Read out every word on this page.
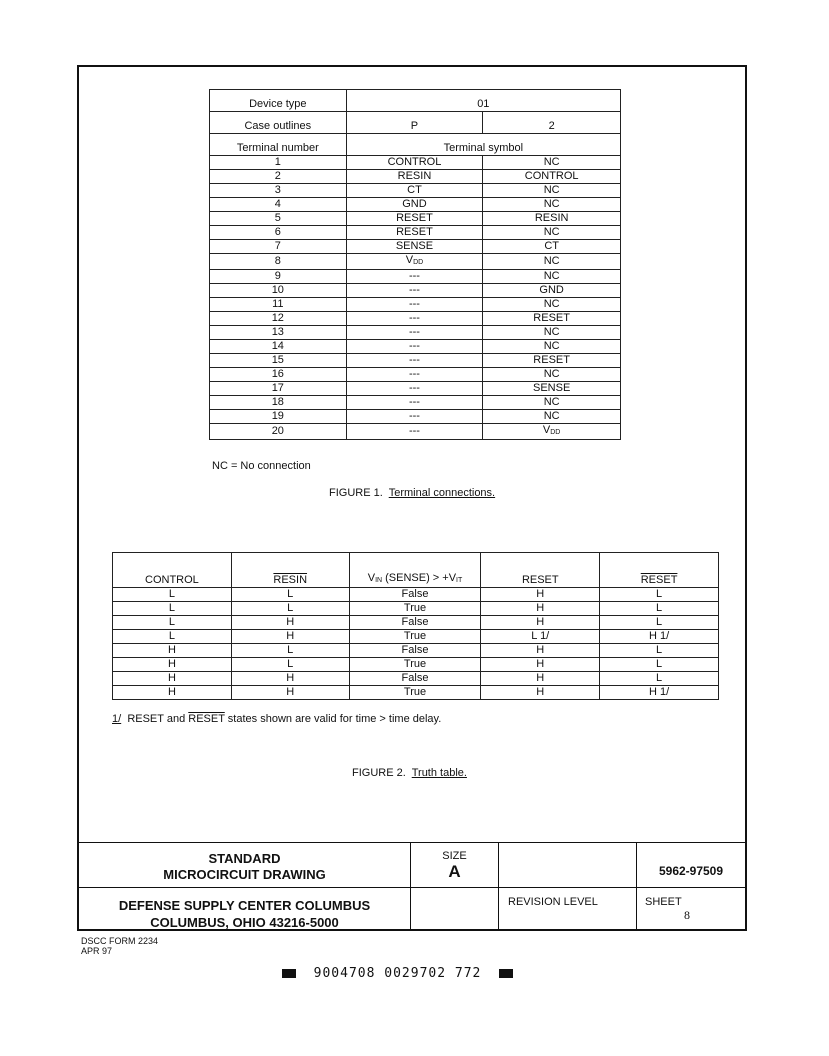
Device type	01	
Case outlines	P	2
Terminal number	Terminal symbol	
1	CONTROL	NC
2	RESIN	CONTROL
3	CT	NC
4	GND	NC
5	RESET	RESIN
6	RESET	NC
7	SENSE	CT
8	VDD	NC
9	---	NC
10	---	GND
11	---	NC
12	---	RESET
13	---	NC
14	---	NC
15	---	RESET
16	---	NC
17	---	SENSE
18	---	NC
19	---	NC
20	---	VDD
NC = No connection
FIGURE 1. Terminal connections.
CONTROL	RESIN	VIN (SENSE) > +VIT	RESET	RESET
L	L	False	H	L
L	L	True	H	L
L	H	False	H	L
L	H	True	L 1/	H 1/
H	L	False	H	L
H	L	True	H	L
H	H	False	H	L
H	H	True	H	H 1/
1/ RESET and RESET states shown are valid for time > time delay.
FIGURE 2. Truth table.
STANDARD
MICROCIRCUIT DRAWING
SIZE
A	5962-97509
DEFENSE SUPPLY CENTER COLUMBUS
COLUMBUS, OHIO 43216-5000
REVISION LEVEL	SHEET
8
DSCC FORM 2234
APR 97
9004708 0029702 772
